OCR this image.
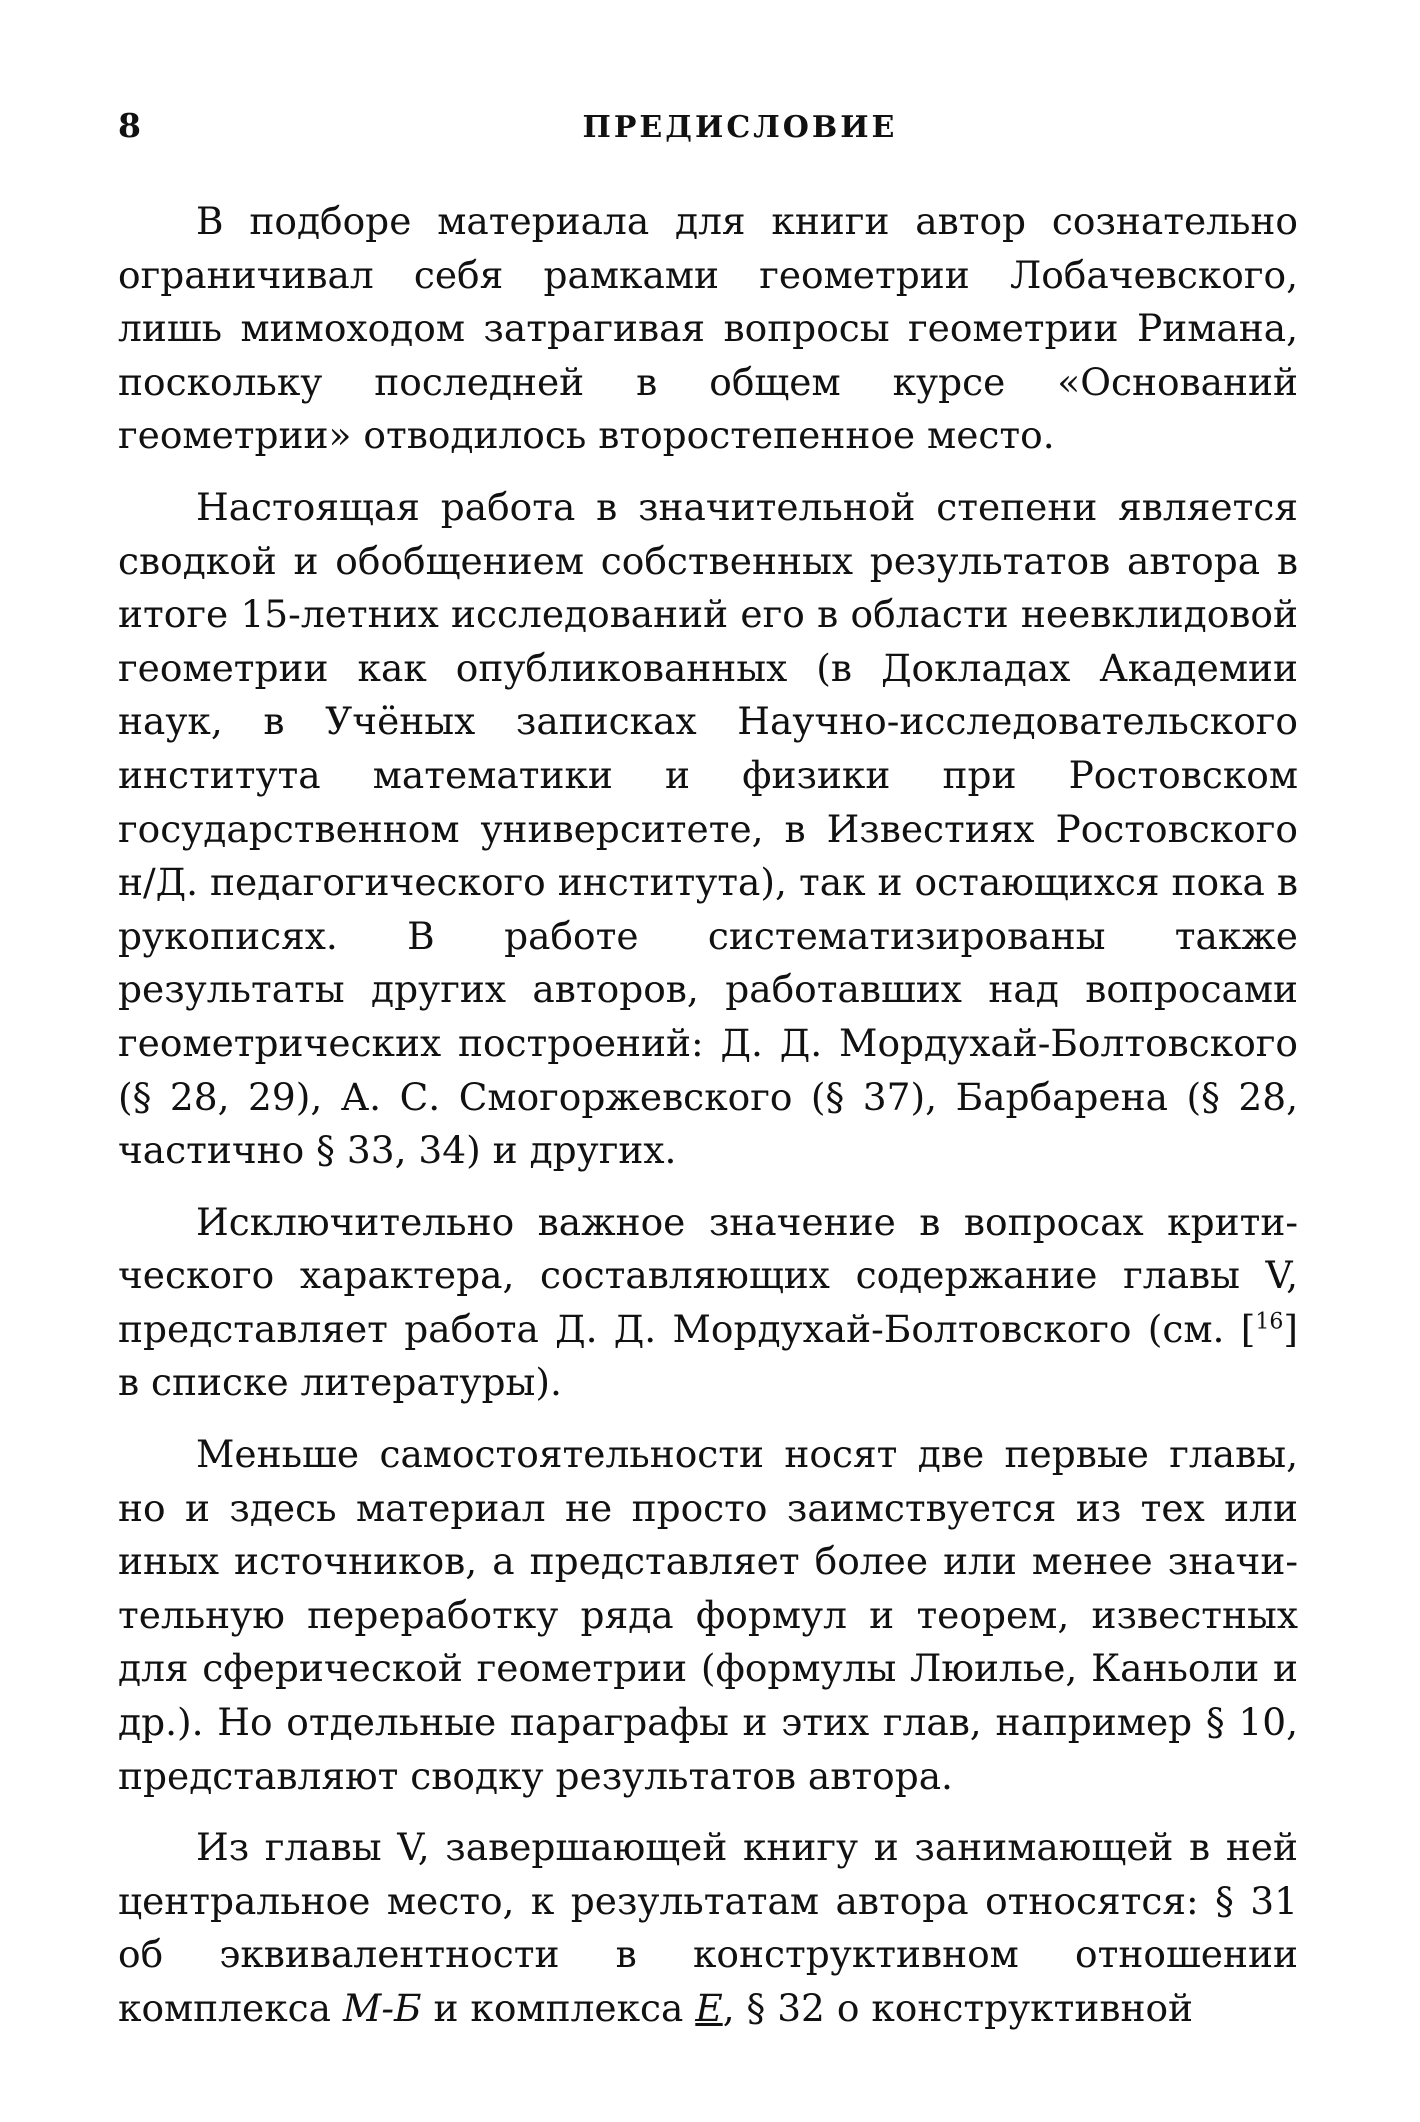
8	ПРЕДИСЛОВИЕ

В подборе материала для книги автор сознательно ограничивал себя рамками геометрии Лобачевского, лишь мимоходом затрагивая вопросы геометрии Римана, поскольку последней в общем курсе «Оснований геометрии» отводилось второстепенное место.

Настоящая работа в значительной степени является сводкой и обобщением собственных результатов автора в итоге 15-летних исследований его в области неевклидовой геометрии как опубликованных (в Докладах Академии наук, в Учёных записках Научно-исследовательского института математики и физики при Ростовском государственном университете, в Известиях Ростовского н/Д. педагогического института), так и остающихся пока в рукописях. В работе систематизированы также результаты других авторов, работавших над вопросами геометрических построений: Д. Д. Мордухай-Болтовского (§ 28, 29), А. С. Смогоржевского (§ 37), Барбарена (§ 28, частично § 33, 34) и других.

Исключительно важное значение в вопросах критического характера, составляющих содержание главы V, представляет работа Д. Д. Мордухай-Болтовского (см. [$^{16}$] в списке литературы).

Меньше самостоятельности носят две первые главы, но и здесь материал не просто заимствуется из тех или иных источников, а представляет более или менее значительную переработку ряда формул и теорем, известных для сферической геометрии (формулы Люилье, Каньоли и др.). Но отдельные параграфы и этих глав, например § 10, представляют сводку результатов автора.

Из главы V, завершающей книгу и занимающей в ней центральное место, к результатам автора относятся: § 31 об эквивалентности в конструктивном отношении комплекса М-Б и комплекса Е, § 32 о конструктивной
